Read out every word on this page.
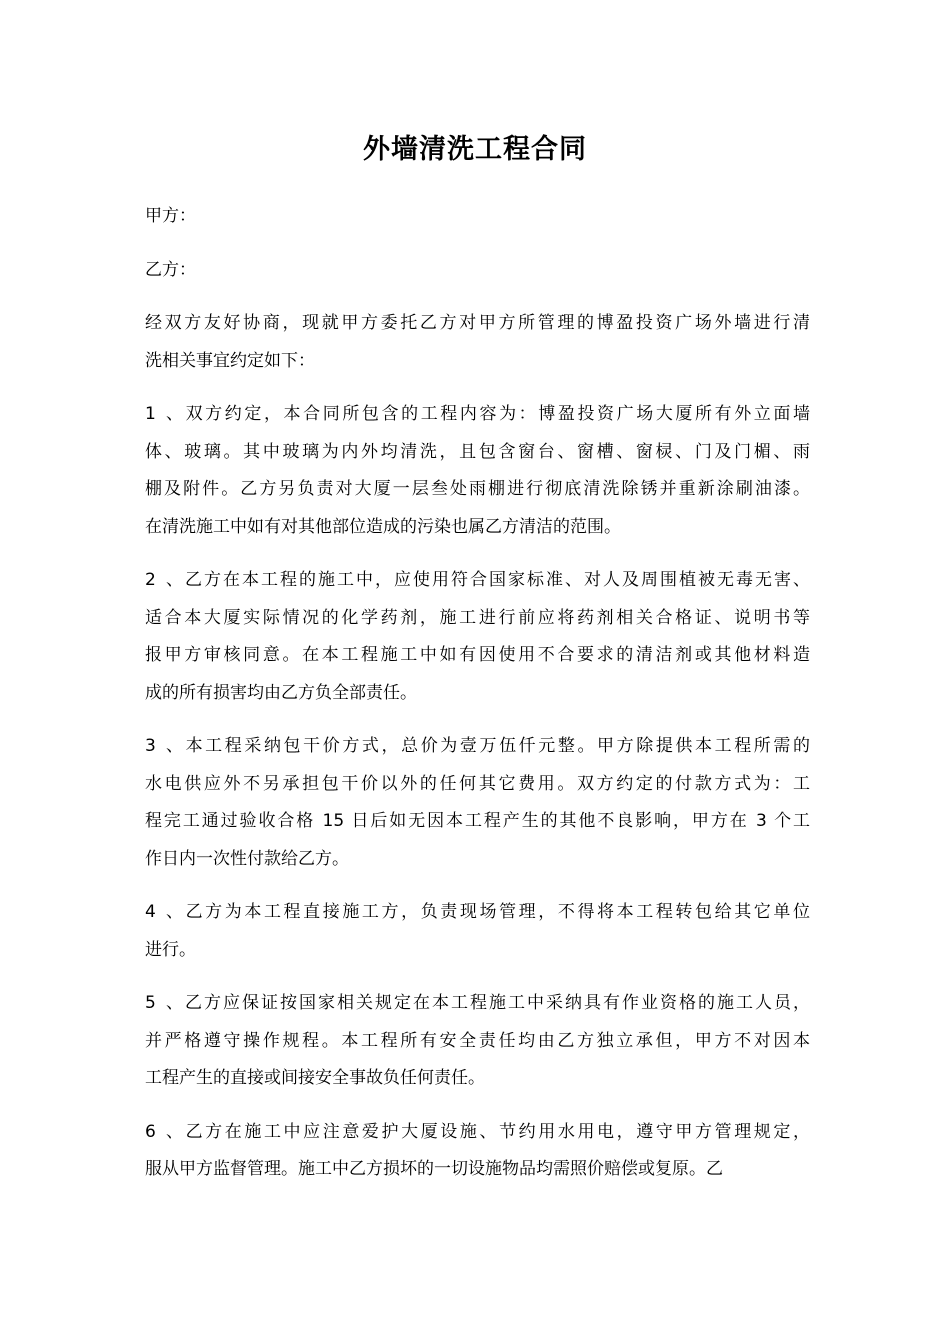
外墙清洗工程合同
甲方：
乙方：
经双方友好协商，现就甲方委托乙方对甲方所管理的博盈投资广场外墙进行清
洗相关事宜约定如下：
1、双方约定，本合同所包含的工程内容为：博盈投资广场大厦所有外立面墙
体、玻璃。其中玻璃为内外均清洗，且包含窗台、窗槽、窗棂、门及门楣、雨
棚及附件。乙方另负责对大厦一层叁处雨棚进行彻底清洗除锈并重新涂刷油漆。
在清洗施工中如有对其他部位造成的污染也属乙方清洁的范围。
2、乙方在本工程的施工中，应使用符合国家标准、对人及周围植被无毒无害、
适合本大厦实际情况的化学药剂，施工进行前应将药剂相关合格证、说明书等
报甲方审核同意。在本工程施工中如有因使用不合要求的清洁剂或其他材料造
成的所有损害均由乙方负全部责任。
3、本工程采纳包干价方式，总价为壹万伍仟元整。甲方除提供本工程所需的
水电供应外不另承担包干价以外的任何其它费用。双方约定的付款方式为：工
程完工通过验收合格 15 日后如无因本工程产生的其他不良影响，甲方在 3 个工
作日内一次性付款给乙方。
4、乙方为本工程直接施工方，负责现场管理，不得将本工程转包给其它单位
进行。
5、乙方应保证按国家相关规定在本工程施工中采纳具有作业资格的施工人员，
并严格遵守操作规程。本工程所有安全责任均由乙方独立承但，甲方不对因本
工程产生的直接或间接安全事故负任何责任。
6、乙方在施工中应注意爱护大厦设施、节约用水用电，遵守甲方管理规定，
服从甲方监督管理。施工中乙方损坏的一切设施物品均需照价赔偿或复原。乙
